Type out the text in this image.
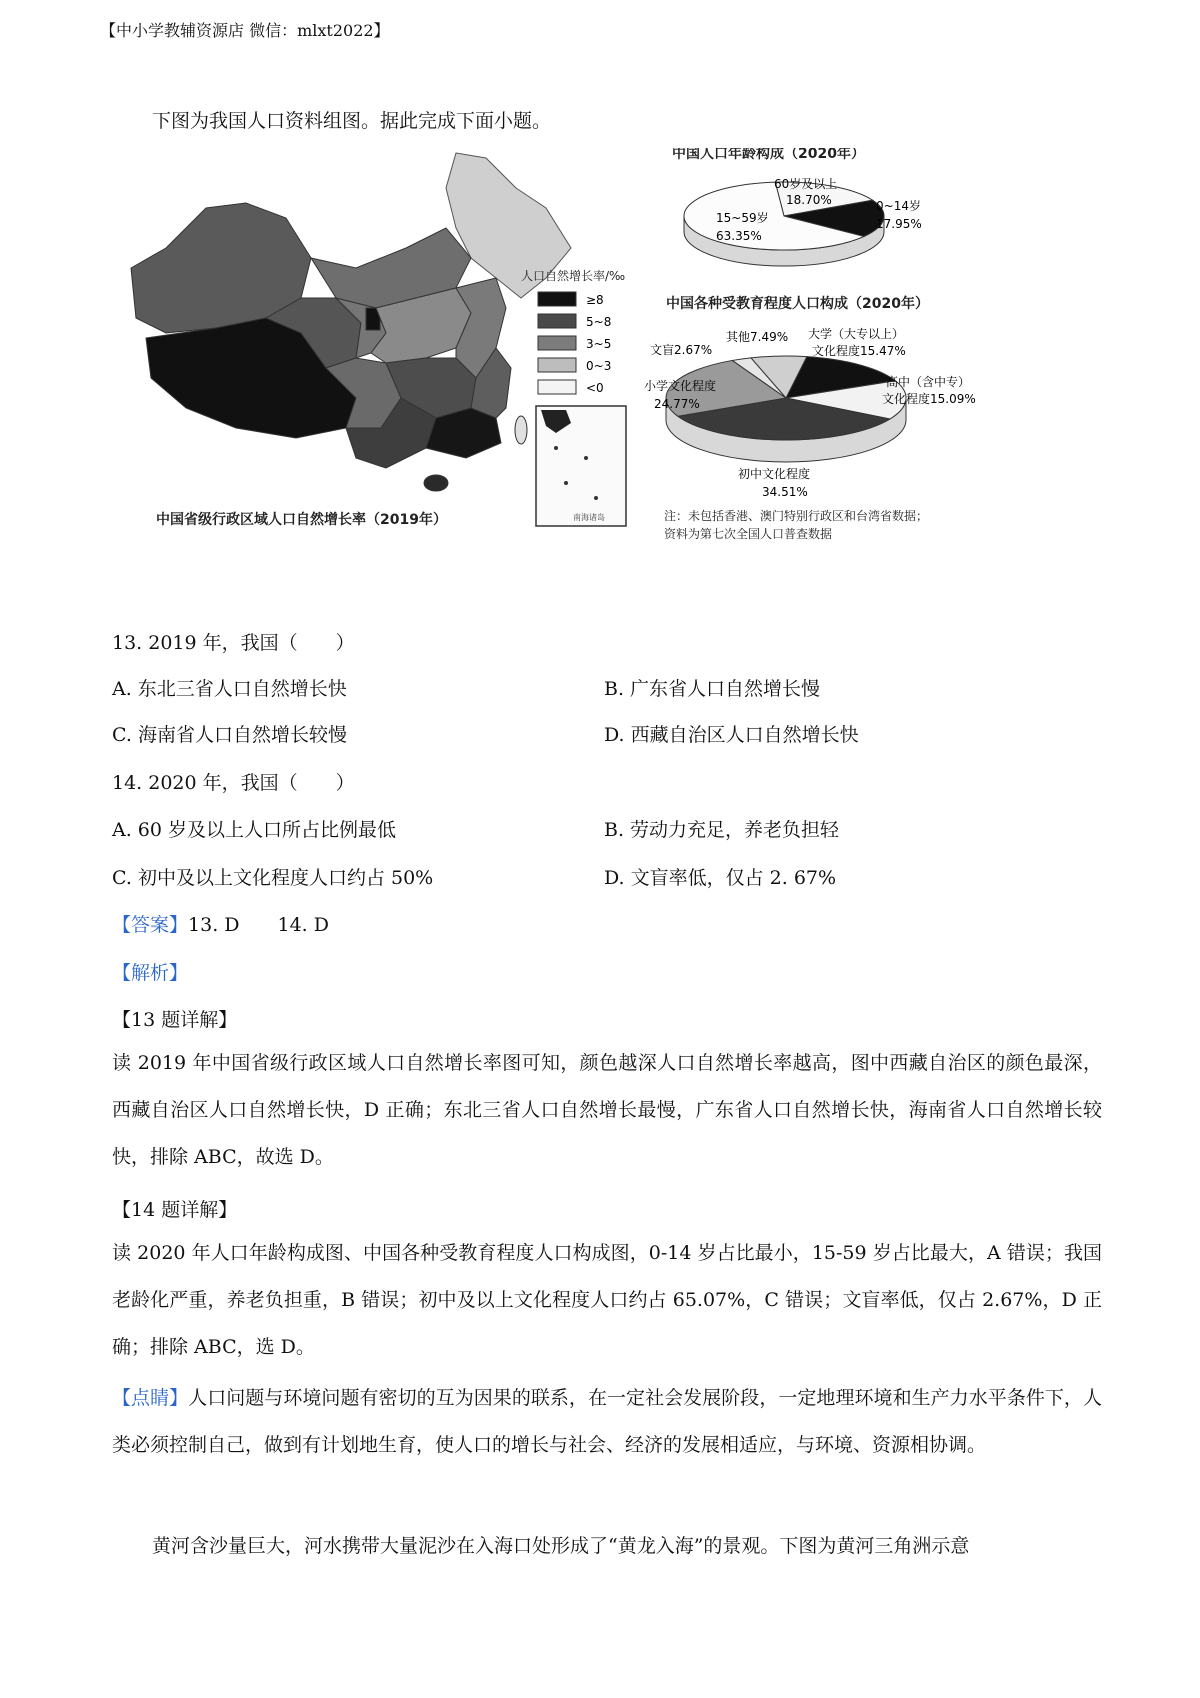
【中小学教辅资源店 微信：mlxt2022】
下图为我国人口资料组图。据此完成下面小题。
人口自然增长率/‰
≥8
5~8
3~5
0~3
<0
南海诸岛
中国省级行政区域人口自然增长率（2019年）
中国人口年龄构成（2020年）
60岁及以上
18.70%	0~14岁
17.95%
15~59岁
63.35%
中国各种受教育程度人口构成（2020年）
其他7.49% 大学（大专以上）
文化程度15.47%
文盲2.67%
小学文化程度
24.77%
高中（含中专）
文化程度15.09%
初中文化程度
34.51%
注：未包括香港、澳门特别行政区和台湾省数据；
资料为第七次全国人口普查数据
13. 2019 年，我国（　　）
A. 东北三省人口自然增长快	B. 广东省人口自然增长慢
C. 海南省人口自然增长较慢	D. 西藏自治区人口自然增长快
14. 2020 年，我国（　　）
A. 60 岁及以上人口所占比例最低	B. 劳动力充足，养老负担轻
C. 初中及以上文化程度人口约占 50%	D. 文盲率低，仅占 2. 67%
【答案】13. D　　14. D
【解析】
【13 题详解】
读 2019 年中国省级行政区域人口自然增长率图可知，颜色越深人口自然增长率越高，图中西藏自治区的颜色最深，西藏自治区人口自然增长快，D 正确；东北三省人口自然增长最慢，广东省人口自然增长快，海南省人口自然增长较快，排除 ABC，故选 D。
【14 题详解】
读 2020 年人口年龄构成图、中国各种受教育程度人口构成图，0-14 岁占比最小，15-59 岁占比最大，A 错误；我国老龄化严重，养老负担重，B 错误；初中及以上文化程度人口约占 65.07%，C 错误；文盲率低，仅占 2.67%，D 正确；排除 ABC，选 D。
【点睛】人口问题与环境问题有密切的互为因果的联系，在一定社会发展阶段，一定地理环境和生产力水平条件下，人类必须控制自己，做到有计划地生育，使人口的增长与社会、经济的发展相适应，与环境、资源相协调。
黄河含沙量巨大，河水携带大量泥沙在入海口处形成了“黄龙入海”的景观。下图为黄河三角洲示意
